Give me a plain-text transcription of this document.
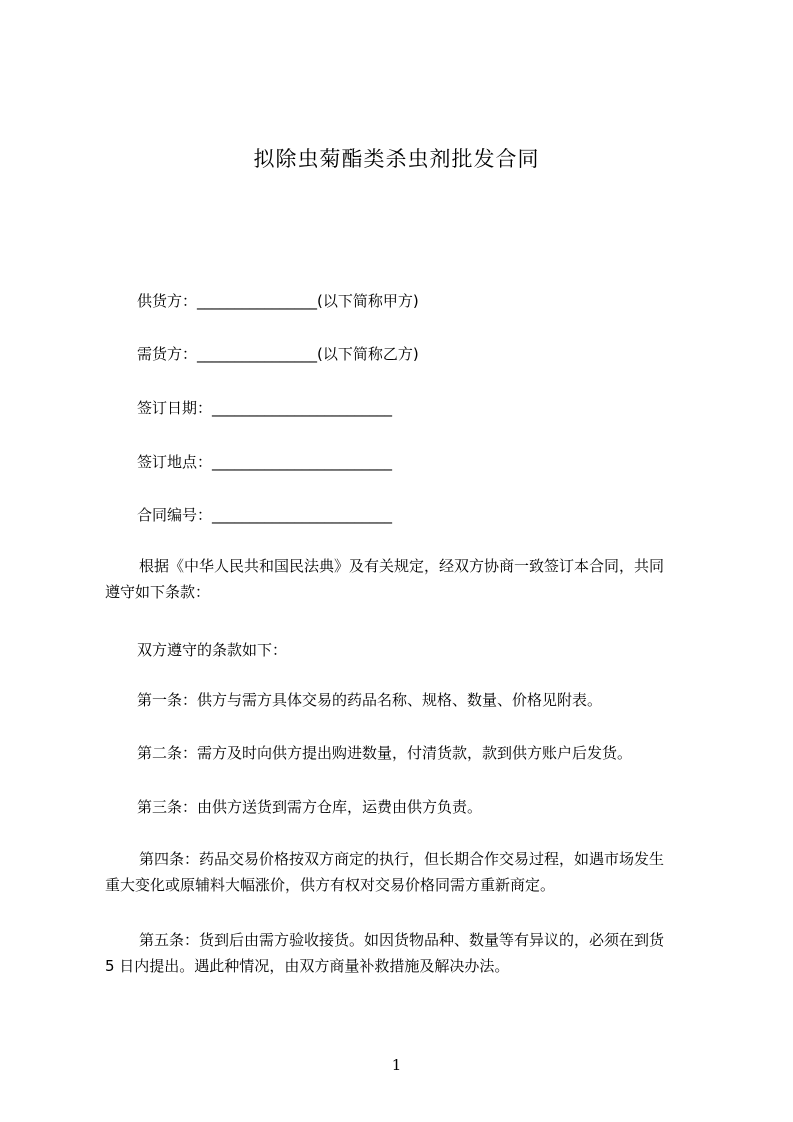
拟除虫菊酯类杀虫剂批发合同
供货方：________________(以下简称甲方)
需货方：________________(以下简称乙方)
签订日期：________________________
签订地点：________________________
合同编号：________________________
根据《中华人民共和国民法典》及有关规定，经双方协商一致签订本合同，共同
遵守如下条款：
双方遵守的条款如下：
第一条：供方与需方具体交易的药品名称、规格、数量、价格见附表。
第二条：需方及时向供方提出购进数量，付清货款，款到供方账户后发货。
第三条：由供方送货到需方仓库，运费由供方负责。
第四条：药品交易价格按双方商定的执行，但长期合作交易过程，如遇市场发生
重大变化或原辅料大幅涨价，供方有权对交易价格同需方重新商定。
第五条：货到后由需方验收接货。如因货物品种、数量等有异议的，必须在到货
5 日内提出。遇此种情况，由双方商量补救措施及解决办法。
1
